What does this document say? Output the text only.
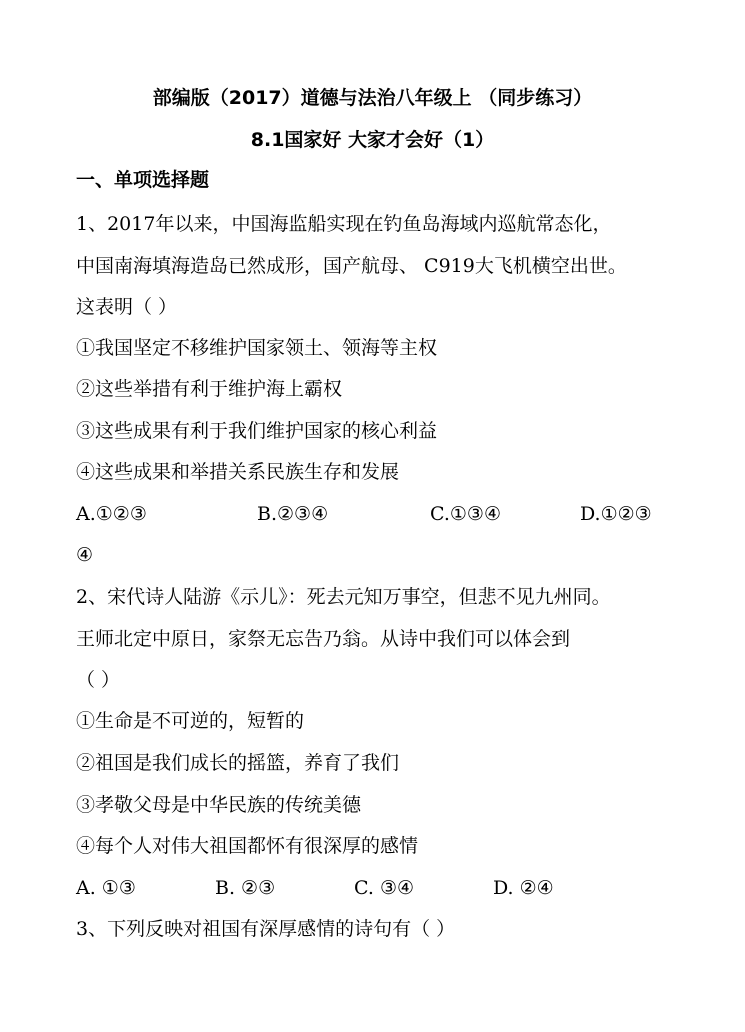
部编版（2017）道德与法治八年级上 （同步练习）
8.1国家好 大家才会好（1）
一、单项选择题
1、2017年以来，中国海监船实现在钓鱼岛海域内巡航常态化，
中国南海填海造岛已然成形，国产航母、 C919大飞机横空出世。
这表明（ ）
①我国坚定不移维护国家领土、领海等主权
②这些举措有利于维护海上霸权
③这些成果有利于我们维护国家的核心利益
④这些成果和举措关系民族生存和发展
A.①②③	B.②③④	C.①③④	D.①②③
④
2、宋代诗人陆游《示儿》：死去元知万事空，但悲不见九州同。
王师北定中原日，家祭无忘告乃翁。从诗中我们可以体会到
（ ）
①生命是不可逆的，短暂的
②祖国是我们成长的摇篮，养育了我们
③孝敬父母是中华民族的传统美德
④每个人对伟大祖国都怀有很深厚的感情
A. ①③	B. ②③	C. ③④	D. ②④
3、下列反映对祖国有深厚感情的诗句有（ ）
